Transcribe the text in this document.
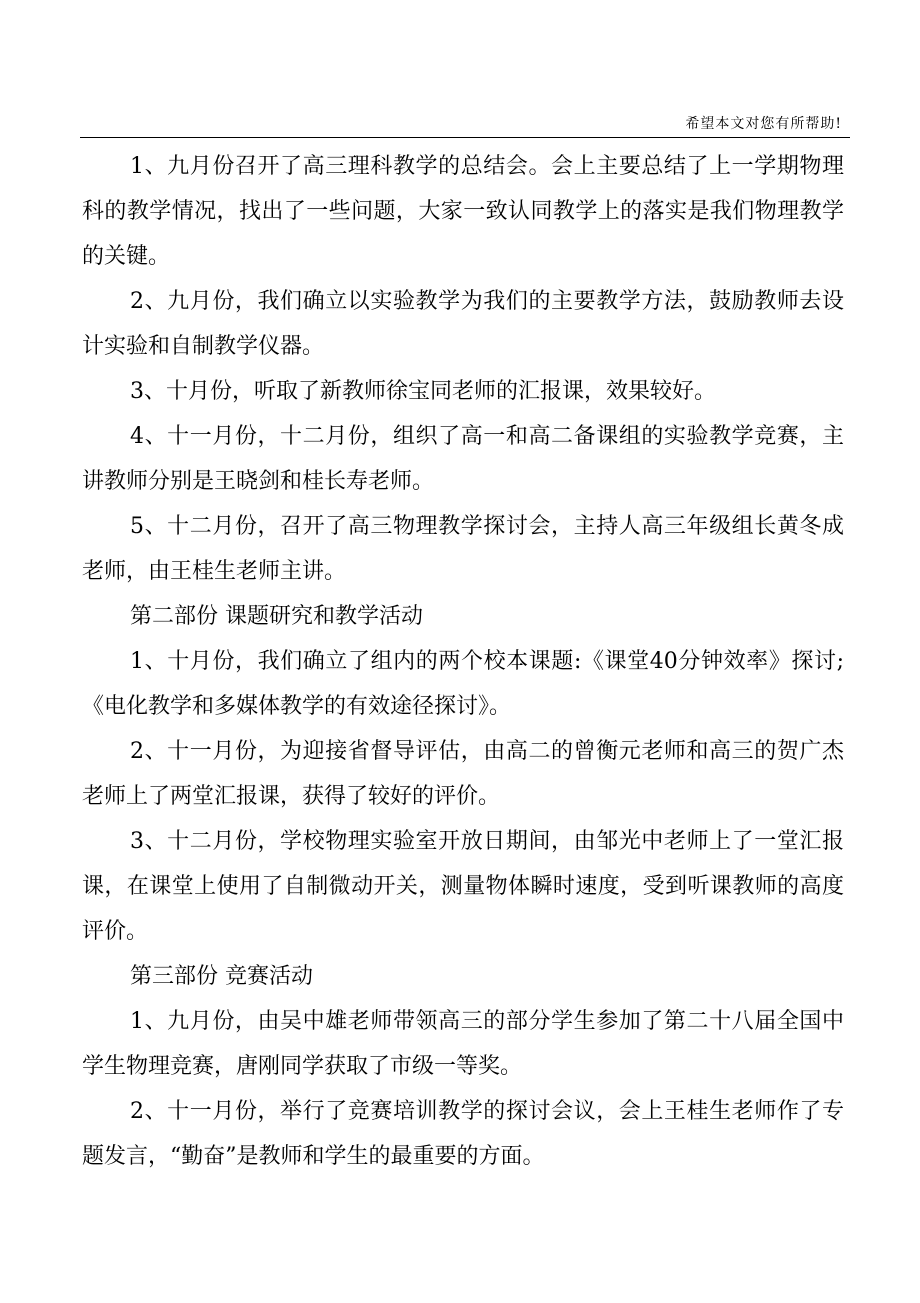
希望本文对您有所帮助!

1、九月份召开了高三理科教学的总结会。会上主要总结了上一学期物理科的教学情况，找出了一些问题，大家一致认同教学上的落实是我们物理教学的关键。

2、九月份，我们确立以实验教学为我们的主要教学方法，鼓励教师去设计实验和自制教学仪器。

3、十月份，听取了新教师徐宝同老师的汇报课，效果较好。

4、十一月份，十二月份，组织了高一和高二备课组的实验教学竞赛，主讲教师分别是王晓剑和桂长寿老师。

5、十二月份，召开了高三物理教学探讨会，主持人高三年级组长黄冬成老师，由王桂生老师主讲。

第二部份 课题研究和教学活动

1、十月份，我们确立了组内的两个校本课题:《课堂40分钟效率》探讨;《电化教学和多媒体教学的有效途径探讨》。

2、十一月份，为迎接省督导评估，由高二的曾衡元老师和高三的贺广杰老师上了两堂汇报课，获得了较好的评价。

3、十二月份，学校物理实验室开放日期间，由邹光中老师上了一堂汇报课，在课堂上使用了自制微动开关，测量物体瞬时速度，受到听课教师的高度评价。

第三部份 竞赛活动

1、九月份，由吴中雄老师带领高三的部分学生参加了第二十八届全国中学生物理竞赛，唐刚同学获取了市级一等奖。

2、十一月份，举行了竞赛培训教学的探讨会议，会上王桂生老师作了专题发言，“勤奋”是教师和学生的最重要的方面。
